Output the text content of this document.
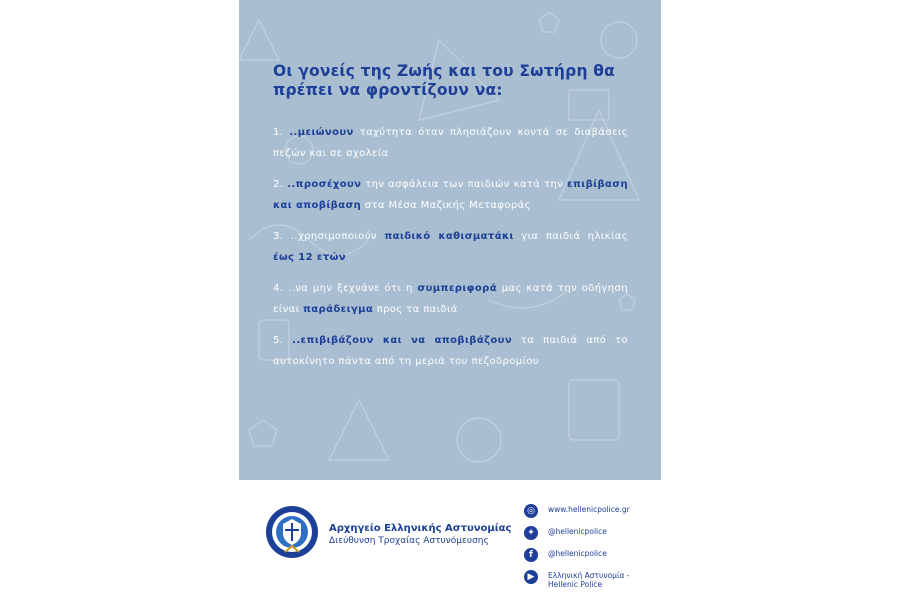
Οι γονείς της Ζωής και του Σωτήρη θα πρέπει να φροντίζουν να:
1. ..μειώνουν ταχύτητα όταν πλησιάζουν κοντά σε διαβάσεις πεζών και σε σχολεία
2. ..προσέχουν την ασφάλεια των παιδιών κατά την επιβίβαση και αποβίβαση στα Μέσα Μαζικής Μεταφοράς
3. ..χρησιμοποιούν παιδικό καθισματάκι για παιδιά ηλικίας έως 12 ετών
4. ..να μην ξεχνάνε ότι η συμπεριφορά μας κατά την οδήγηση είναι παράδειγμα προς τα παιδιά
5. ..επιβιβάζουν και να αποβιβάζουν τα παιδιά από το αυτοκίνητο πάντα από τη μεριά του πεζοδρομίου
Αρχηγείο Ελληνικής Αστυνομίας
Διεύθυνση Τροχαίας Αστυνόμευσης
◎	www.hellenicpolice.gr
✦	@hellenicpolice
f	@hellenicpolice
▶	Ελληνική Αστυνομία - Hellenic Police
